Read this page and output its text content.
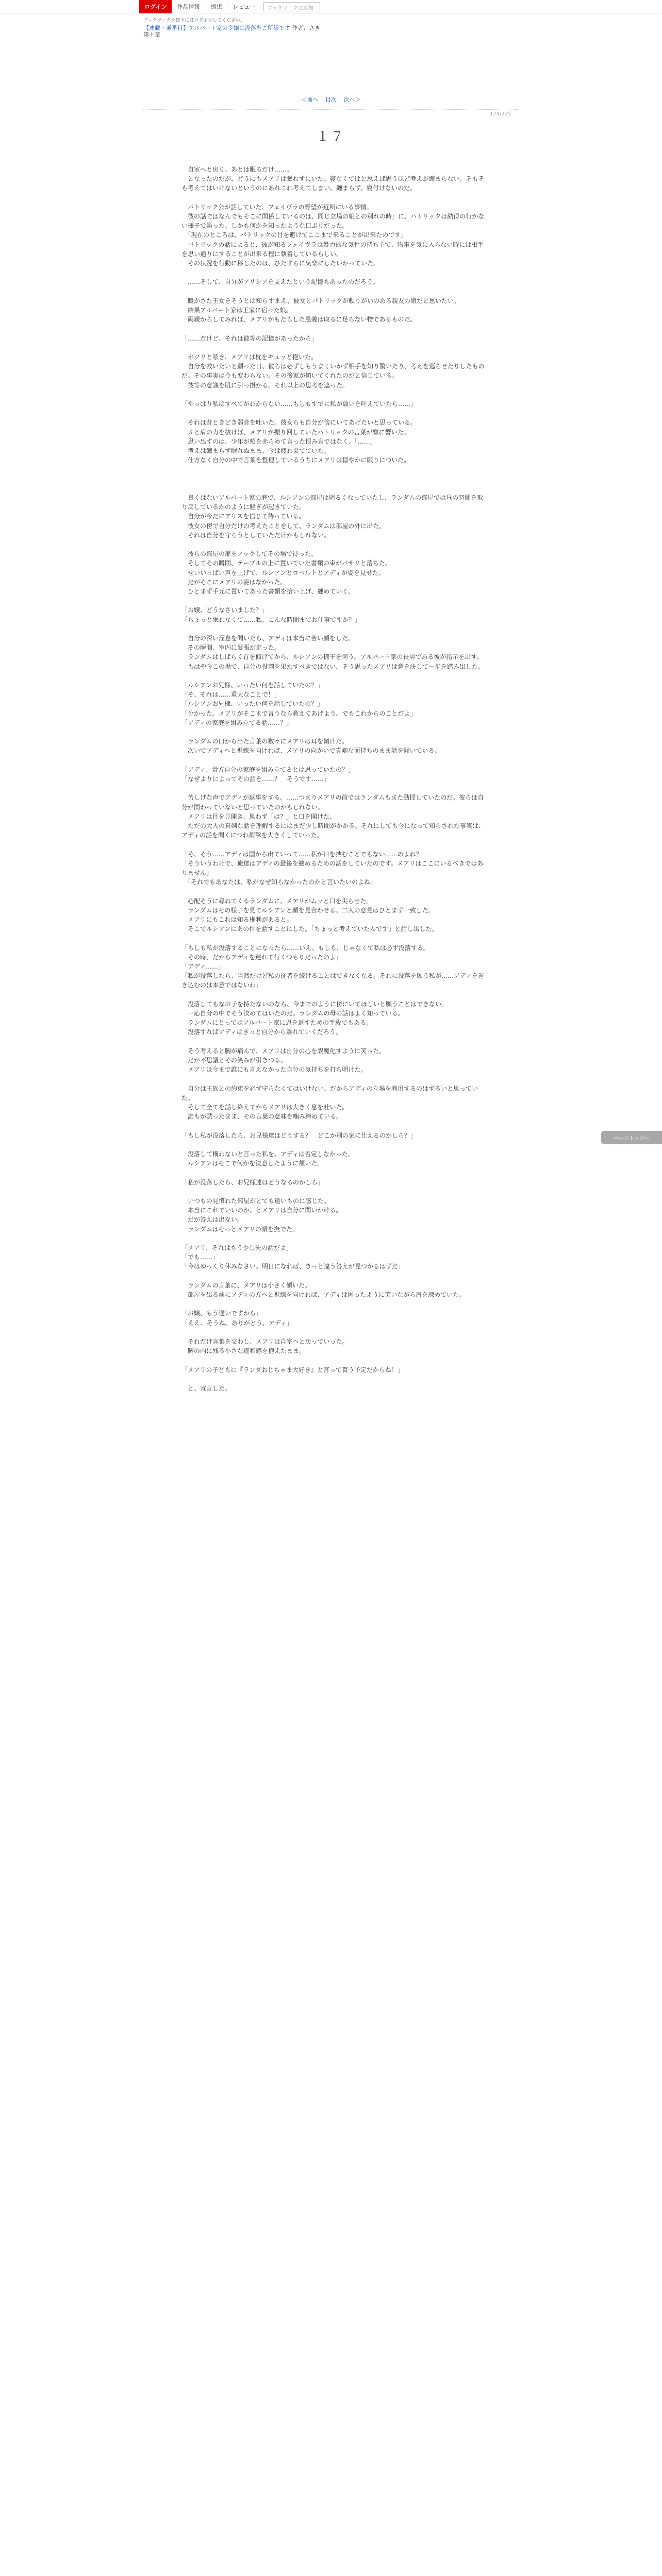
ログイン	作品情報	感想	レビュー	ブックマークに追加
ブックマークを使うにはログインしてください。
【連載・通番目】アルバート家の令嬢は没落をご所望です 作者：さき
第十章
＜前へ 目次 次へ＞
174/225
１７

　自室へと戻り、あとは眠るだけ……。

　となったのだが、どうにもメアリは眠れずにいた。寝なくてはと思えば思うほど考えが纏まらない。そもそも考えてはいけないというのにあれこれ考えてしまい、纏まらず、寝付けないのだ。

　パトリック公が話していた、フェイヴラの野望が近所にいる事情。

　彼の話ではなんでもそこに関係しているのは、同じ立場の娘との別れの時」に、パトリックは納得の行かない様子で語った。しかも何かを知ったような口ぶりだった。

　「現在のところは，パトリックの目を避けてここまで来ることが出来たのです」

　パトリックの話によると、彼が知るフェイヴラは暴力的な気性の持ち主で、物事を気に入らない時には相手を思い通りにすることが出来る程に執着しているらしい。

　その状況を行動に移したのは、ひたすらに気楽にしたいかっていた。

　……そして、自分がアリシアを支えたという記憶もあったのだろう。

　暖かさた王女をそうとは知らずまえ、彼女とパトリックが頼りがいのある親友の娘だと思いたい。

　結果アルバート家は王家に宿った娘。

　両親からしてみれば、メアリがもたらした恩義は取るに足らない物であるものだ。

「……だけど、それは彼等の記憶があったから」

　ポツリと呟き、メアリは枕をギュッと抱いた。

　自分を救いたいと願った日、彼らは必ずしもうまくいかず相手を知り驚いたり、考えを巡らせたりしたものだ。その事実は今も変わらない。その後家が傾いてくれたのだと信じている。

　彼等の意識を肌に引っ掛かる。それ以上の思考を遮った。

「やっぱり私はすべてがわからない……もしもすでに私が願いを叶えていたら……」

　それは昔ときどき弱音を吐いた。彼女らも自分が傍にいてあげたいと思っている。

　ふと肩の力を抜けば、メアリが振り回していたパトリックの言葉が嫌に響いた。

　思い出すのは、少年が頬を赤らめて言った恨み言ではなく、「……」

　考えは纏まらず眠れぬまま、今は疲れ果てていた。

　仕方なく自分の中で言葉を整理しているうちにメアリは穏やかに眠りについた。

　良くはないアルバート家の庭で、ルシアンの部屋は明るくなっていたし、ランダムの部屋では昼の時間を取り戻しているかのように騒ぎが起きていた。

　自分が今だにアリスを信じて待っている。

　彼女の傍で自分だけの考えたことをして、ランダムは部屋の外に出た。

　それは自分を守ろうとしていただけかもしれない。

　彼らの部屋の扉をノックしてその場で待った。

　そしてその瞬間、テーブルの上に置いていた書類の束がバサリと落ちた。

　せいいっぱい声を上げて、ルシアンとロベルトとアディが姿を見せた。

　だがそこにメアリの姿はなかった。

　ひとまず手元に置いてあった書類を拾い上げ、纏めていく。

「お嬢、どうなさいました？」

「ちょっと眠れなくて……私、こんな時間までお仕事ですか？」

　自分の深い溜息を聞いたら、アディは本当に苦い顔をした。

　その瞬間、室内に緊張が走った。

　ランダムはしばらく首を傾げてから、ルシアンの様子を伺う。アルバート家の長男である彼が指示を出す。

　もはや今この場で、自分の役割を果たすべきではない。そう思ったメアリは意を決して一歩を踏み出した。

「ルシアンお兄様、いったい何を話していたの？」

「そ、それは……重大なことで！」

「ルシアンお兄様、いったい何を話していたの？」

「分かった。メアリがそこまで言うなら教えてあげよう。でもこれからのことだよ」

「アディの家庭を組み立てる話……？」

　ランダムの口から出た言葉の数々にメアリは耳を傾けた。

　次いでアディへと視線を向ければ、メアリの向かいで真剣な面持ちのまま話を聞いている。

「アディ、貴方自分の家庭を組み立てるとは思っていたの？」

「なぜよりによってその話を……？　そうです……」

　苦しげな声でアディが返事をする。……つまりメアリの前ではランダムもまた動揺していたのだ。彼らは自分が関わっていないと思っていたのかもしれない。

　メアリは目を見開き、思わず「は？」と口を開けた。

　ただの大人の真剣な話を理解するにはまだ少し時間がかかる。それにしても今になって知らされた事実は、アディの話を聞くにつれ衝撃を大きくしていった。

「そ、そう……アディは国から出ていって……私が口を挟むことでもない……のよね？」

「そういうわけで、俺達はアディの最後を纏めるための話をしていたのです。メアリはここにいるべきではありません」

　「それでもあなたは、私がなぜ知らなかったのかと言いたいのよね」

　心配そうに尋ねてくるランダムに、メアリがムッと口を尖らせた。

　ランダムはその様子を見てルシアンと顔を見合わせる。二人の意見はひとまず一致した。

　メアリにもこれは知る権利があると。

　そこでルシアンにあの件を話すことにした。「ちょっと考えていたんです」と話し出した。

「もしも私が没落することになったら……いえ、もしも、じゃなくて私は必ず没落する。

　その時、だからアディを連れて行くつもりだったのよ」

「アディ……」

「私が没落したら、当然だけど私の従者を続けることはできなくなる。それに没落を願う私が……アディを巻き込むのは本意ではないわ」

　没落してもなお子を持たないのなら、今までのように傍にいてほしいと願うことはできない。

　一応自分の中でそう決めてはいたのだ。ランダムの母の話はよく知っている。

　ランダムにとってはアルバート家に恩を返すための手段でもある。

　没落すればアディはきっと自分から離れていくだろう。

　そう考えると胸が痛んで、メアリは自分の心を誤魔化すように笑った。

　だが不思議とその笑みが引きつる。

　メアリは今まで誰にも言えなかった自分の気持ちを打ち明けた。

　自分は王族との約束を必ず守らなくてはいけない。だからアディの立場を利用するのはずるいと思っていた。

　そして全てを話し終えてからメアリは大きく息を吐いた。

　誰もが黙ったまま、その言葉の意味を噛み締めている。

「もし私が没落したら、お兄様達はどうする？　どこか別の家に仕えるのかしら？」

　没落して構わないと言った私を、アディは否定しなかった。

　ルシアンはそこで何かを決意したように頷いた。

「私が没落したら、お兄様達はどうなるのかしら」

　いつもの見慣れた部屋がとても遠いものに感じた。

　本当にこれでいいのか、とメアリは自分に問いかける。

　だが答えは出ない。

　ランダムはそっとメアリの頭を撫でた。

「メアリ、それはもう少し先の話だよ」

「でも……」

「今はゆっくり休みなさい。明日になれば、きっと違う答えが見つかるはずだ」

　ランダムの言葉に、メアリは小さく頷いた。

　部屋を出る前にアディの方へと視線を向ければ、アディは困ったように笑いながら肩を竦めていた。

「お嬢、もう遅いですから」

「ええ、そうね。ありがとう、アディ」

　それだけ言葉を交わし、メアリは自室へと戻っていった。

　胸の内に残る小さな違和感を抱えたまま。

「メアリの子どもに『ランダおじちゃま大好き』と言って貰う予定だからね！」

　と、宣言した。

ページトップへ
